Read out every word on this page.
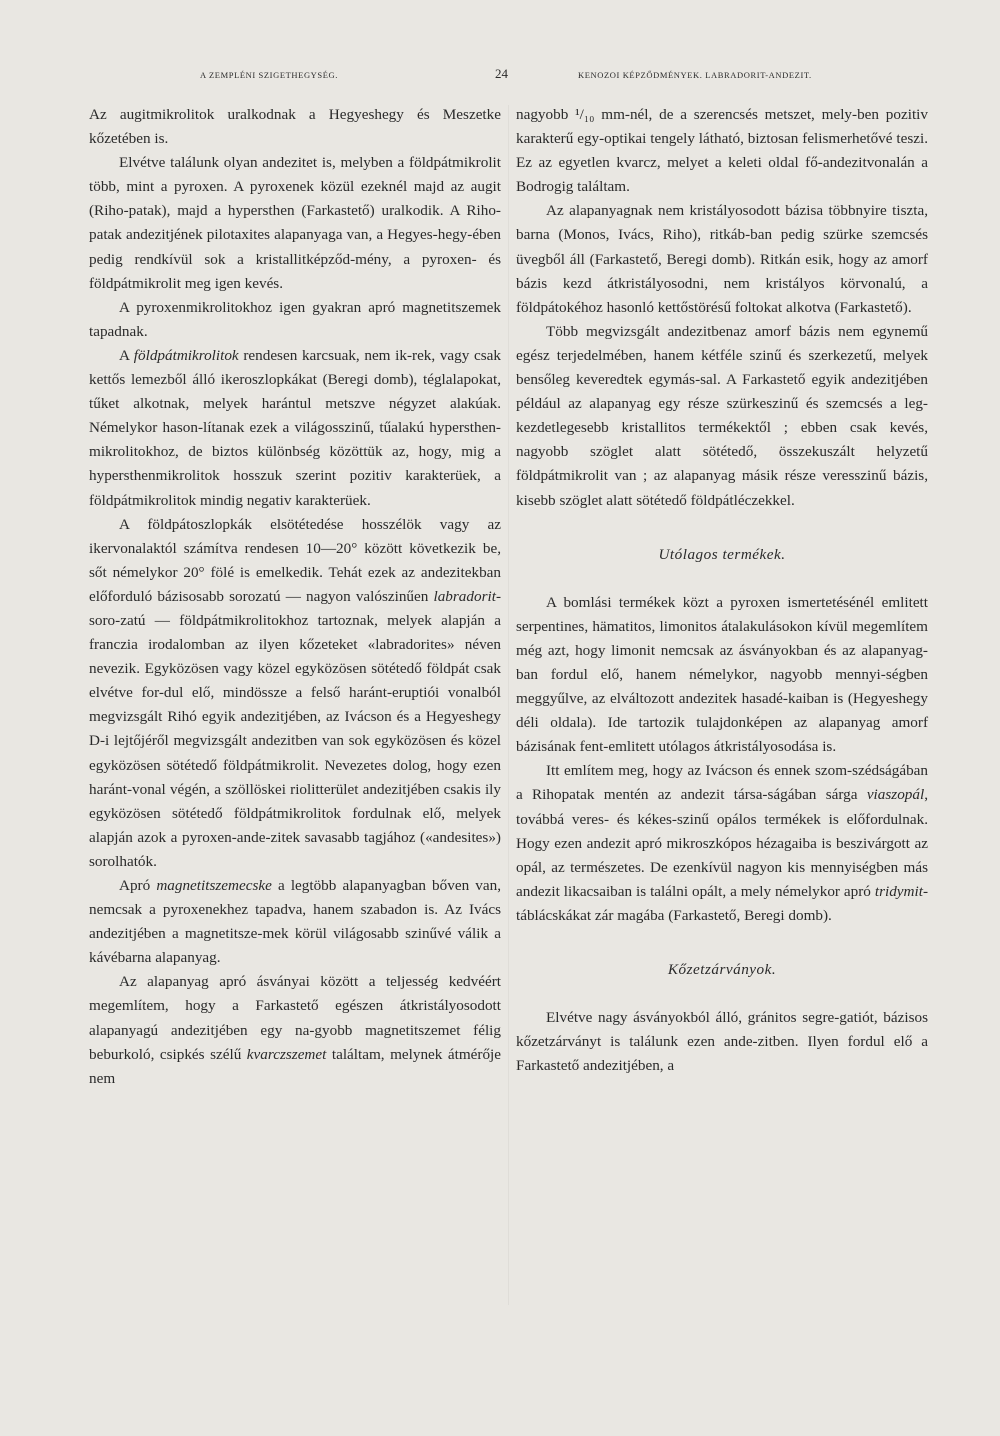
A ZEMPLÉNI SZIGETHEGYSÉG.	24	KENOZOI KÉPZŐDMÉNYEK. LABRADORIT-ANDEZIT.

Az augitmikrolitok uralkodnak a Hegyeshegy és Meszetke kőzetében is.

Elvétve találunk olyan andezitet is, melyben a földpátmikrolit több, mint a pyroxen. A pyroxenek közül ezeknél majd az augit (Riho-patak), majd a hypersthen (Farkastető) uralkodik. A Riho-patak andezitjének pilotaxites alapanyaga van, a Hegyes-hegy-ében pedig rendkívül sok a kristallitképződ-mény, a pyroxen- és földpátmikrolit meg igen kevés.

A pyroxenmikrolitokhoz igen gyakran apró magnetitszemek tapadnak.

A földpátmikrolitok rendesen karcsuak, nem ik-rek, vagy csak kettős lemezből álló ikeroszlopkákat (Beregi domb), téglalapokat, tűket alkotnak, melyek harántul metszve négyzet alakúak. Némelykor hason-lítanak ezek a világosszinű, tűalakú hypersthen-mikrolitokhoz, de biztos különbség közöttük az, hogy, mig a hypersthenmikrolitok hosszuk szerint pozitiv karakterüek, a földpátmikrolitok mindig negativ karakterüek.

A földpátoszlopkák elsötétedése hosszélök vagy az ikervonalaktól számítva rendesen 10—20° között következik be, sőt némelykor 20° fölé is emelkedik. Tehát ezek az andezitekban előforduló bázisosabb sorozatú — nagyon valószinűen labradorit-soro-zatú — földpátmikrolitokhoz tartoznak, melyek alapján a franczia irodalomban az ilyen kőzeteket «labradorites» néven nevezik. Egyközösen vagy közel egyközösen sötétedő földpát csak elvétve for-dul elő, mindössze a felső haránt-eruptiói vonalból megvizsgált Rihó egyik andezitjében, az Ivácson és a Hegyeshegy D-i lejtőjéről megvizsgált andezitben van sok egyközösen és közel egyközösen sötétedő földpátmikrolit. Nevezetes dolog, hogy ezen haránt-vonal végén, a szöllöskei riolitterület andezitjében csakis ily egyközösen sötétedő földpátmikrolitok fordulnak elő, melyek alapján azok a pyroxen-ande-zitek savasabb tagjához («andesites») sorolhatók.

Apró magnetitszemecske a legtöbb alapanyagban bőven van, nemcsak a pyroxenekhez tapadva, hanem szabadon is. Az Ivács andezitjében a magnetitsze-mek körül világosabb szinűvé válik a kávébarna alapanyag.

Az alapanyag apró ásványai között a teljesség kedvéért megemlítem, hogy a Farkastető egészen átkristályosodott alapanyagú andezitjében egy na-gyobb magnetitszemet félig beburkoló, csipkés szélű kvarczszemet találtam, melynek átmérője nem

nagyobb ¹/₁₀ mm-nél, de a szerencsés metszet, mely-ben pozitiv karakterű egy-optikai tengely látható, biztosan felismerhetővé teszi. Ez az egyetlen kvarcz, melyet a keleti oldal fő-andezitvonalán a Bodrogig találtam.

Az alapanyagnak nem kristályosodott bázisa többnyire tiszta, barna (Monos, Ivács, Riho), ritkáb-ban pedig szürke szemcsés üvegből áll (Farkastető, Beregi domb). Ritkán esik, hogy az amorf bázis kezd átkristályosodni, nem kristályos körvonalú, a földpátokéhoz hasonló kettőstörésű foltokat alkotva (Farkastető).

Több megvizsgált andezitbenaz amorf bázis nem egynemű egész terjedelmében, hanem kétféle szinű és szerkezetű, melyek bensőleg keveredtek egymás-sal. A Farkastető egyik andezitjében például az alapanyag egy része szürkeszinű és szemcsés a leg-kezdetlegesebb kristallitos termékektől ; ebben csak kevés, nagyobb szöglet alatt sötétedő, összekuszált helyzetű földpátmikrolit van ; az alapanyag másik része veresszinű bázis, kisebb szöglet alatt sötétedő földpátléczekkel.

Utólagos termékek.

A bomlási termékek közt a pyroxen ismertetésénél emlitett serpentines, hämatitos, limonitos átalakulásokon kívül megemlítem még azt, hogy limonit nemcsak az ásványokban és az alapanyag-ban fordul elő, hanem némelykor, nagyobb mennyi-ségben meggyűlve, az elváltozott andezitek hasadé-kaiban is (Hegyeshegy déli oldala). Ide tartozik tulajdonképen az alapanyag amorf bázisának fent-emlitett utólagos átkristályosodása is.

Itt említem meg, hogy az Ivácson és ennek szom-szédságában a Rihopatak mentén az andezit társa-ságában sárga viaszopál, továbbá veres- és kékes-szinű opálos termékek is előfordulnak. Hogy ezen andezit apró mikroszkópos hézagaiba is beszivárgott az opál, az természetes. De ezenkívül nagyon kis mennyiségben más andezit likacsaiban is találni opált, a mely némelykor apró tridymit-táblácskákat zár magába (Farkastető, Beregi domb).

Kőzetzárványok.

Elvétve nagy ásványokból álló, gránitos segre-gatiót, bázisos kőzetzárványt is találunk ezen ande-zitben. Ilyen fordul elő a Farkastető andezitjében, a
